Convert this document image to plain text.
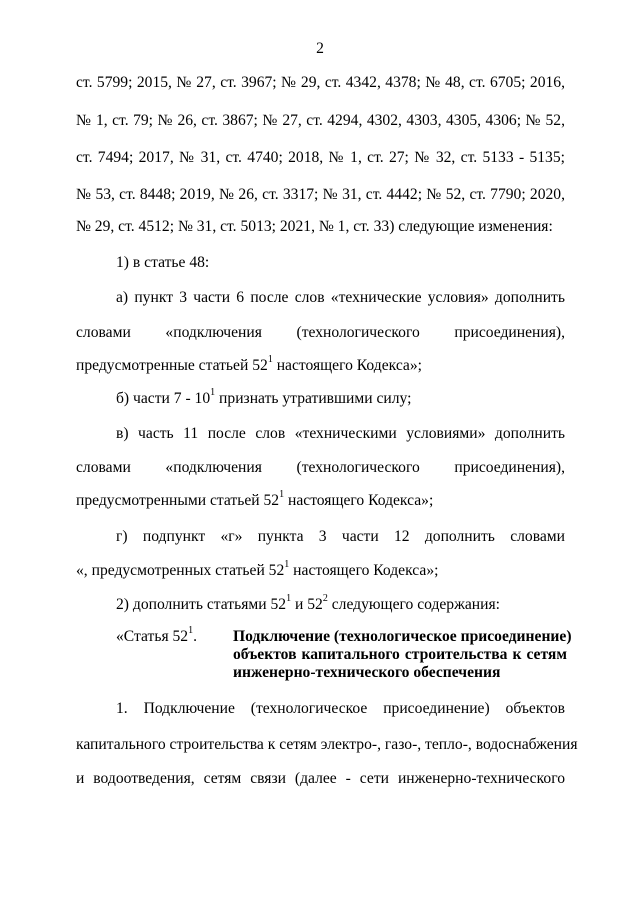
2
ст. 5799; 2015, № 27, ст. 3967; № 29, ст. 4342, 4378; № 48, ст. 6705; 2016,
№ 1, ст. 79; № 26, ст. 3867; № 27, ст. 4294, 4302, 4303, 4305, 4306; № 52,
ст. 7494; 2017, № 31, ст. 4740; 2018, № 1, ст. 27; № 32, ст. 5133 - 5135;
№ 53, ст. 8448; 2019, № 26, ст. 3317; № 31, ст. 4442; № 52, ст. 7790; 2020,
№ 29, ст. 4512; № 31, ст. 5013; 2021, № 1, ст. 33) следующие изменения:
1) в статье 48:
а) пункт 3 части 6 после слов «технические условия» дополнить
словами «подключения (технологического присоединения),
предусмотренные статьей $52^1$ настоящего Кодекса»;
б) части $7 - 10^1$ признать утратившими силу;
в) часть 11 после слов «техническими условиями» дополнить
словами «подключения (технологического присоединения),
предусмотренными статьей $52^1$ настоящего Кодекса»;
г) подпункт «г» пункта 3 части 12 дополнить словами
«, предусмотренных статьей $52^1$ настоящего Кодекса»;
2) дополнить статьями $52^1$ и $52^2$ следующего содержания:
«Статья $52^1$. Подключение (технологическое присоединение)
объектов капитального строительства к сетям
инженерно-технического обеспечения
1. Подключение (технологическое присоединение) объектов
капитального строительства к сетям электро-, газо-, тепло-, водоснабжения
и водоотведения, сетям связи (далее - сети инженерно-технического
